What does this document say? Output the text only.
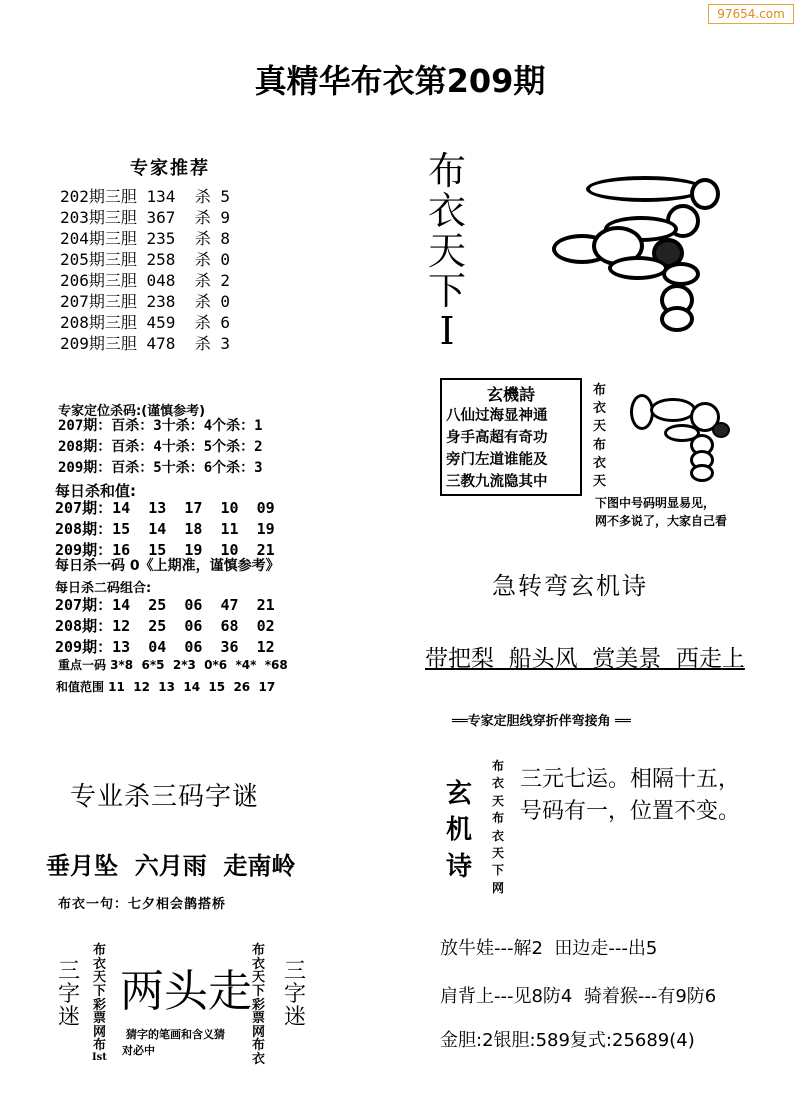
97654.com
真精华布衣第209期
专家推荐
202期三胆 134  杀 5
203期三胆 367  杀 9
204期三胆 235  杀 8
205期三胆 258  杀 0
206期三胆 048  杀 2
207期三胆 238  杀 0
208期三胆 459  杀 6
209期三胆 478  杀 3
专家定位杀码:(谨慎参考)
207期：百杀：3十杀：4个杀：1
208期：百杀：4十杀：5个杀：2
209期：百杀：5十杀：6个杀：3
每日杀和值:
207期：14  13  17  10  09
208期：15  14  18  11  19
209期：16  15  19  10  21
每日杀一码 0《上期准，谨慎参考》
每日杀二码组合:
207期：14  25  06  47  21
208期：12  25  06  68  02
209期：13  04  06  36  12
重点一码 3*8  6*5  2*3  0*6  *4*  *68
和值范围 11  12  13  14  15  26  17
专业杀三码字谜
垂月坠  六月雨  走南岭
布衣一句：七夕相会鹊搭桥
三
字
迷
布
衣
天
下
彩
票
网
布
Ist
两头走
猜字的笔画和含义猜
对必中
布
衣
天
下
彩
票
网
布
衣
三
字
迷
布
衣
天
下
I
玄機詩
八仙过海显神通
身手高超有奇功
旁门左道谁能及
三教九流隐其中
布
衣
天
布
衣
天
下图中号码明显易见，
网不多说了，大家自己看
急转弯玄机诗
带把梨  船头风  赏美景  西走上
══专家定胆线穿折伴弯接角 ══
玄
机
诗
布
衣
天
布
衣
天
下
网
三元七运。相隔十五，
号码有一，位置不变。
放牛娃---解2  田边走---出5
肩背上---见8防4  骑着猴---有9防6
金胆:2银胆:589复式:25689(4)
